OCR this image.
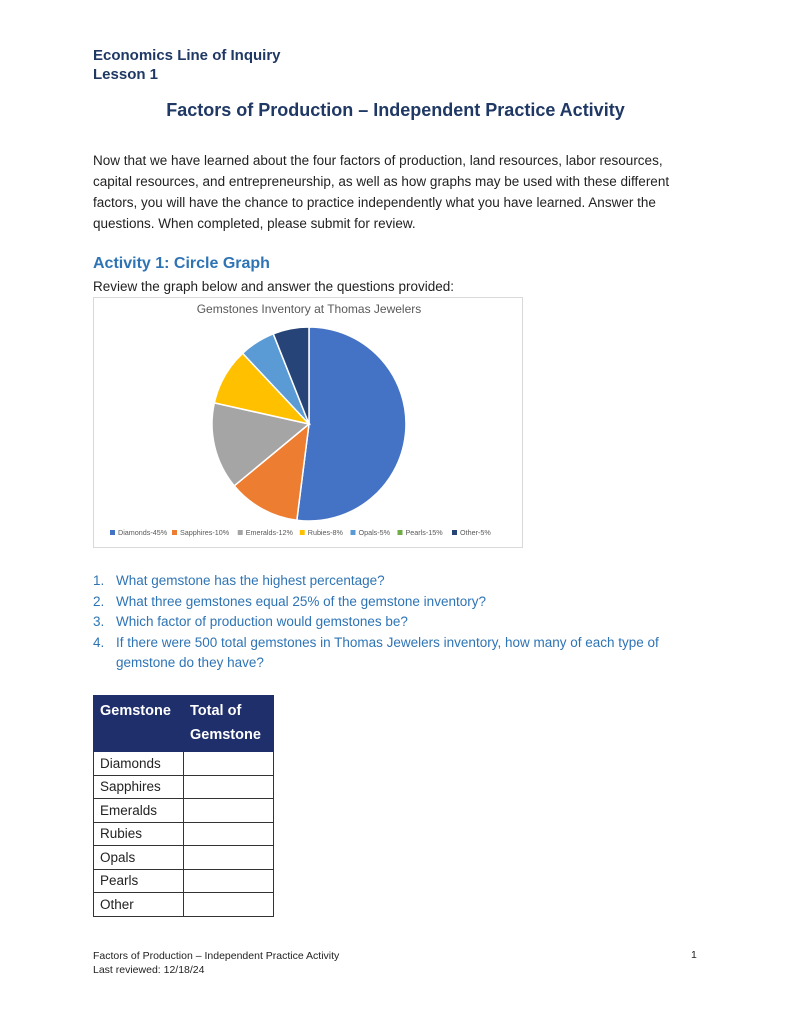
Economics Line of Inquiry
Lesson 1
Factors of Production – Independent Practice Activity
Now that we have learned about the four factors of production, land resources, labor resources, capital resources, and entrepreneurship, as well as how graphs may be used with these different factors, you will have the chance to practice independently what you have learned. Answer the questions. When completed, please submit for review.
Activity 1: Circle Graph
Review the graph below and answer the questions provided:
Gemstones Inventory at Thomas Jewelers
Diamonds-45% Sapphires-10% Emeralds-12% Rubies-8% Opals-5% Pearls-15% Other-5%
1. What gemstone has the highest percentage?
2. What three gemstones equal 25% of the gemstone inventory?
3. Which factor of production would gemstones be?
4. If there were 500 total gemstones in Thomas Jewelers inventory, how many of each type of gemstone do they have?
Gemstone	Total of Gemstone
Diamonds	
Sapphires	
Emeralds	
Rubies	
Opals	
Pearls	
Other	
Factors of Production – Independent Practice Activity
Last reviewed: 12/18/24
1
